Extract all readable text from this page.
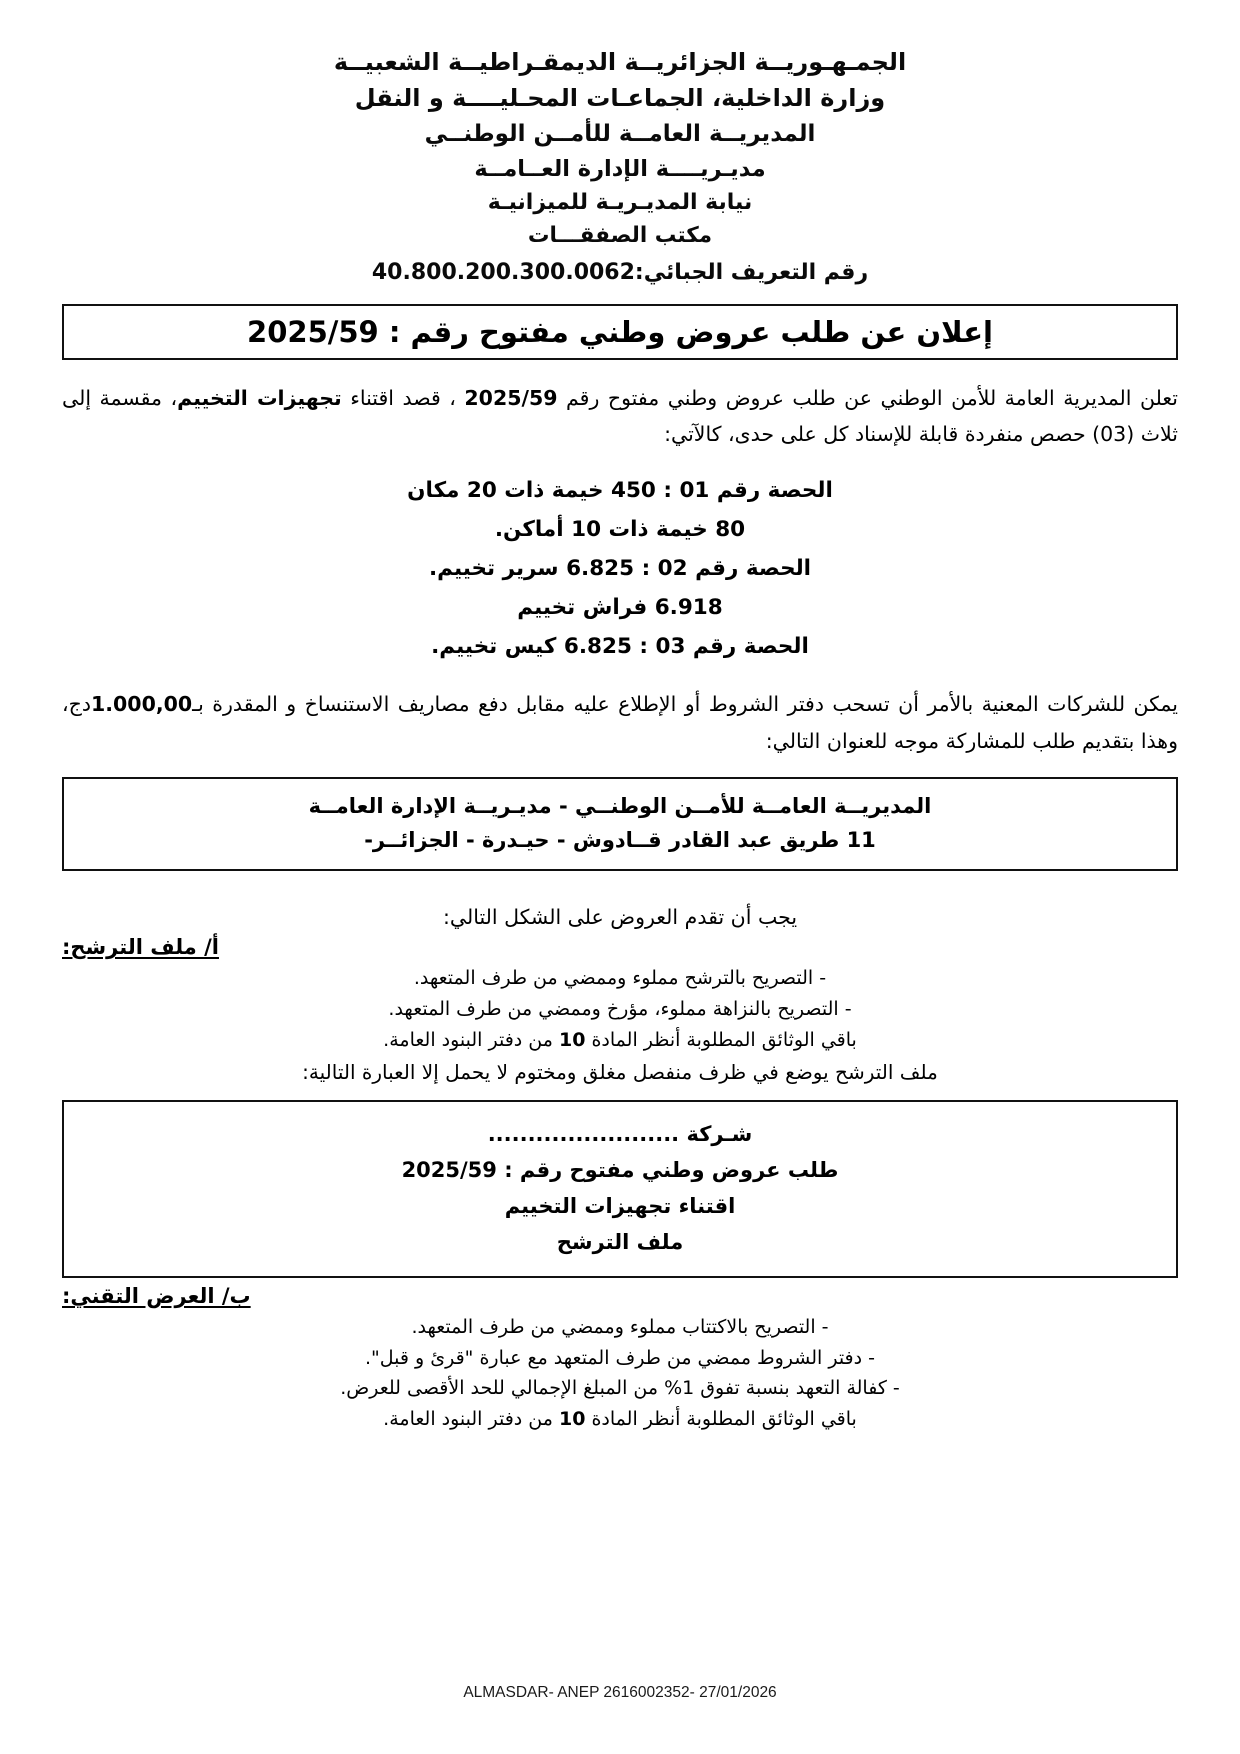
الجمـهـوريــة الجزائريــة الديمقـراطيــة الشعبيــة
وزارة الداخلية، الجماعـات المحـليــــة و النقل
المديريــة العامــة للأمــن الوطنــي
مديـريــــة الإدارة العــامــة
نيابة المديـريـة للميزانيـة
مكتب الصفقـــات
رقم التعريف الجبائي:40.800.200.300.0062
إعلان عن طلب عروض وطني مفتوح رقم : 2025/59
تعلن المديرية العامة للأمن الوطني عن طلب عروض وطني مفتوح رقم 2025/59 ، قصد اقتناء تجهيزات التخييم، مقسمة إلى ثلاث (03) حصص منفردة قابلة للإسناد كل على حدى، كالآتي:
الحصة رقم 01 : 450 خيمة ذات 20 مكان
80 خيمة ذات 10 أماكن.
الحصة رقم 02 : 6.825 سرير تخييم.
6.918 فراش تخييم
الحصة رقم 03 : 6.825 كيس تخييم.
يمكن للشركات المعنية بالأمر أن تسحب دفتر الشروط أو الإطلاع عليه مقابل دفع مصاريف الاستنساخ و المقدرة بـ1.000,00دج، وهذا بتقديم طلب للمشاركة موجه للعنوان التالي:
المديريــة العامــة للأمــن الوطنــي - مديـريــة الإدارة العامــة
11 طريق عبد القادر قــادوش - حيـدرة - الجزائــر-
يجب أن تقدم العروض على الشكل التالي:
أ/ ملف الترشح:
- التصريح بالترشح مملوء وممضي من طرف المتعهد.
- التصريح بالنزاهة مملوء، مؤرخ وممضي من طرف المتعهد.
باقي الوثائق المطلوبة أنظر المادة 10 من دفتر البنود العامة.
ملف الترشح يوضع في ظرف منفصل مغلق ومختوم لا يحمل إلا العبارة التالية:
شـركة ........................
طلب عروض وطني مفتوح رقم : 2025/59
اقتناء تجهيزات التخييم
ملف الترشح
ب/ العرض التقني:
- التصريح بالاكتتاب مملوء وممضي من طرف المتعهد.
- دفتر الشروط ممضي من طرف المتعهد مع عبارة "قرئ و قبل".
- كفالة التعهد بنسبة تفوق 1% من المبلغ الإجمالي للحد الأقصى للعرض.
باقي الوثائق المطلوبة أنظر المادة 10 من دفتر البنود العامة.
ALMASDAR- ANEP 2616002352- 27/01/2026
